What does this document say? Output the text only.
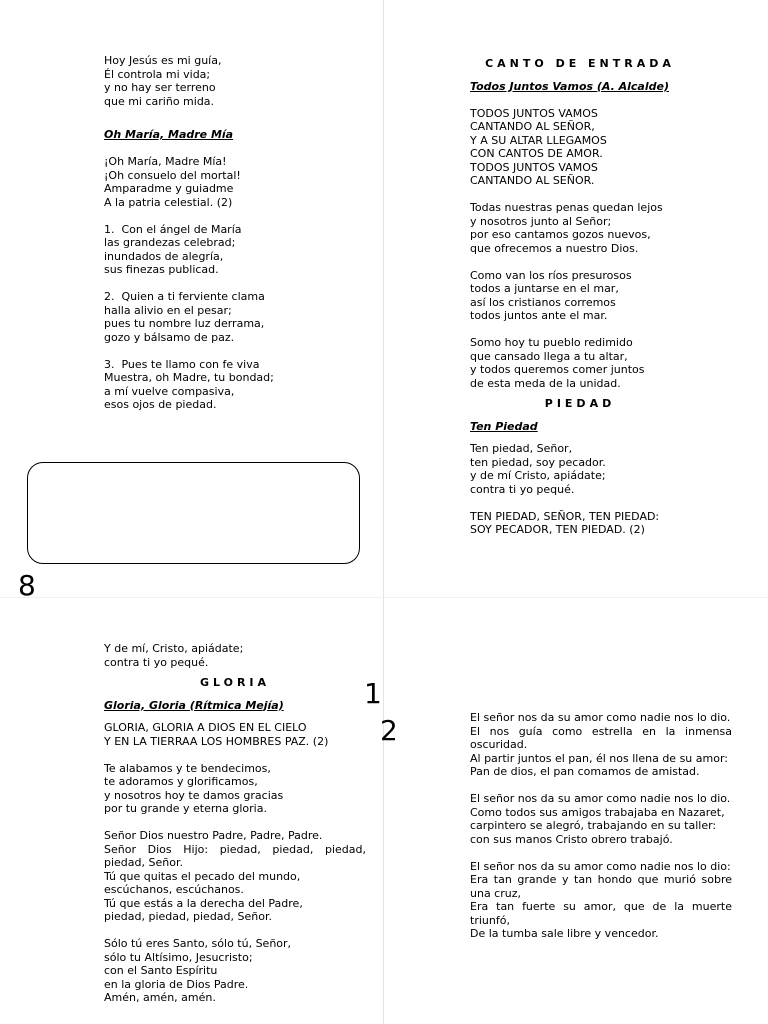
Hoy Jesús es mi guía,
Él controla mi vida;
y no hay ser terreno
que mi cariño mida.
Oh María, Madre Mía
¡Oh María, Madre Mía!
¡Oh consuelo del mortal!
Amparadme y guiadme
A la patria celestial. (2)
1.  Con el ángel de María
las grandezas celebrad;
inundados de alegría,
sus finezas publicad.
2.  Quien a ti ferviente clama
halla alivio en el pesar;
pues tu nombre luz derrama,
gozo y bálsamo de paz.
3.  Pues te llamo con fe viva
Muestra, oh Madre, tu bondad;
a mí vuelve compasiva,
esos ojos de piedad.
8
CANTO DE ENTRADA
Todos Juntos Vamos (A. Alcalde)
TODOS JUNTOS VAMOS
CANTANDO AL SEÑOR,
Y A SU ALTAR LLEGAMOS
CON CANTOS DE AMOR.
TODOS JUNTOS VAMOS
CANTANDO AL SEÑOR.
Todas nuestras penas quedan lejos
y nosotros junto al Señor;
por eso cantamos gozos nuevos,
que ofrecemos a nuestro Dios.
Como van los ríos presurosos
todos a juntarse en el mar,
así los cristianos corremos
todos juntos ante el mar.
Somo hoy tu pueblo redimido
que cansado llega a tu altar,
y todos queremos comer juntos
de esta meda de la unidad.
PIEDAD
Ten Piedad
Ten piedad, Señor,
ten piedad, soy pecador.
y de mí Cristo, apiádate;
contra ti yo pequé.
TEN PIEDAD, SEÑOR, TEN PIEDAD:
SOY PECADOR, TEN PIEDAD. (2)
Y de mí, Cristo, apiádate;
contra ti yo pequé.
GLORIA
Gloria, Gloria (Rítmica Mejía)
GLORIA, GLORIA A DIOS EN EL CIELO
Y EN LA TIERRAA LOS HOMBRES PAZ. (2)
Te alabamos y te bendecimos,
te adoramos y glorificamos,
y nosotros hoy te damos gracias
por tu grande y eterna gloria.
Señor Dios nuestro Padre, Padre, Padre.
Señor Dios Hijo: piedad, piedad, piedad, piedad, Señor.
Tú que quitas el pecado del mundo,
escúchanos, escúchanos.
Tú que estás a la derecha del Padre,
piedad, piedad, piedad, Señor.
Sólo tú eres Santo, sólo tú, Señor,
sólo tu Altísimo, Jesucristo;
con el Santo Espíritu
en la gloria de Dios Padre.
Amén, amén, amén.
1
2	El señor nos da su amor como nadie nos lo dio.
El nos guía como estrella en la inmensa oscuridad.
Al partir juntos el pan, él nos llena de su amor:
Pan de dios, el pan comamos de amistad.
El señor nos da su amor como nadie nos lo dio.
Como todos sus amigos trabajaba en Nazaret,
carpintero se alegró, trabajando en su taller:
con sus manos Cristo obrero trabajó.
El señor nos da su amor como nadie nos lo dio:
Era tan grande y tan hondo que murió sobre una cruz,
Era tan fuerte su amor, que de la muerte triunfó,
De la tumba sale libre y vencedor.
